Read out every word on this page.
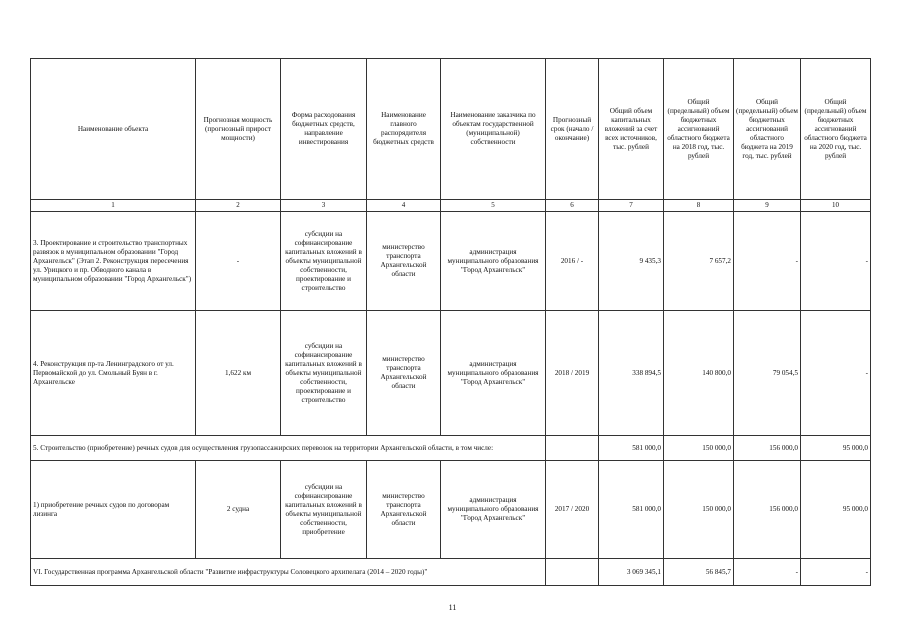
Наименование объекта	Прогнозная мощность (прогнозный прирост мощности)	Форма расходования бюджетных средств, направление инвестирования	Наименование главного распорядителя бюджетных средств	Наименование заказчика по объектам государственной (муниципальной) собственности	Прогнозный срок (начало / окончание)	Общий объем капитальных вложений за счет всех источников, тыс. рублей	Общий (предельный) объем бюджетных ассигнований областного бюджета на 2018 год, тыс. рублей	Общий (предельный) объем бюджетных ассигнований областного бюджета на 2019 год, тыс. рублей	Общий (предельный) объем бюджетных ассигнований областного бюджета на 2020 год, тыс. рублей
1	2	3	4	5	6	7	8	9	10
3. Проектирование и строительство транспортных развязок в муниципальном образовании "Город Архангельск" (Этап 2. Реконструкция пересечения ул. Урицкого и пр. Обводного канала в муниципальном образовании "Город Архангельск")	-	субсидии на софинансирование капитальных вложений в объекты муниципальной собственности, проектирование и строительство	министерство транспорта Архангельской области	администрация муниципального образования "Город Архангельск"	2016 / -	9 435,3	7 657,2	-	-
4. Реконструкция пр-та Ленинградского от ул. Первомайской до ул. Смольный Буян в г. Архангельске	1,622 км	субсидии на софинансирование капитальных вложений в объекты муниципальной собственности, проектирование и строительство	министерство транспорта Архангельской области	администрация муниципального образования "Город Архангельск"	2018 / 2019	338 894,5	140 800,0	79 054,5	-
5. Строительство (приобретение) речных судов для осуществления грузопассажирских перевозок на территории Архангельской области, в том числе:						581 000,0	150 000,0	156 000,0	95 000,0
1) приобретение речных судов по договорам лизинга	2 судна	субсидии на софинансирование капитальных вложений в объекты муниципальной собственности, приобретение	министерство транспорта Архангельской области	администрация муниципального образования "Город Архангельск"	2017 / 2020	581 000,0	150 000,0	156 000,0	95 000,0
VI. Государственная программа Архангельской области "Развитие инфраструктуры Соловецкого архипелага (2014 – 2020 годы)"						3 069 345,1	56 845,7	-	-
11
